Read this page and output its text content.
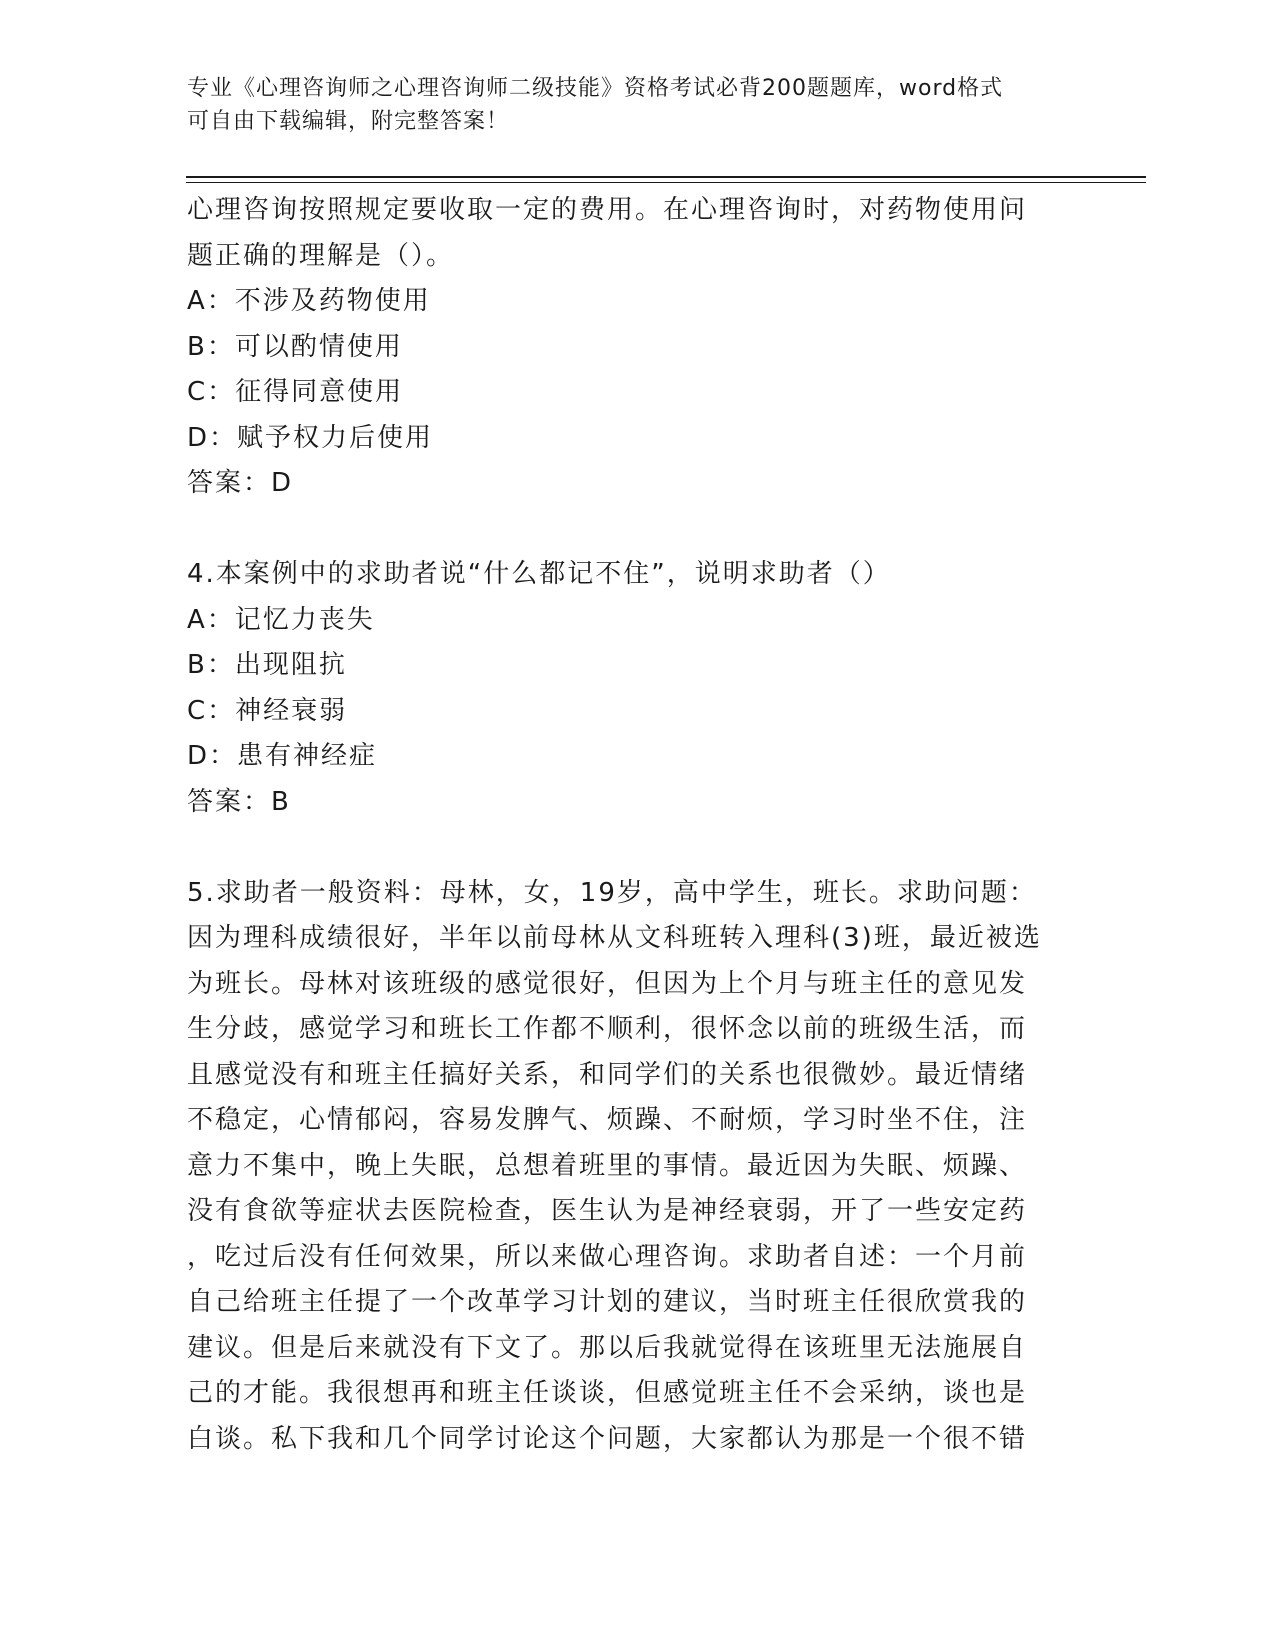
专业《心理咨询师之心理咨询师二级技能》资格考试必背200题题库，word格式
可自由下载编辑，附完整答案！
心理咨询按照规定要收取一定的费用。在心理咨询时，对药物使用问
题正确的理解是（）。
A：不涉及药物使用
B：可以酌情使用
C：征得同意使用
D：赋予权力后使用
答案：D
4.本案例中的求助者说“什么都记不住”，说明求助者（）
A：记忆力丧失
B：出现阻抗
C：神经衰弱
D：患有神经症
答案：B
5.求助者一般资料：母林，女，19岁，高中学生，班长。求助问题：
因为理科成绩很好，半年以前母林从文科班转入理科(3)班，最近被选
为班长。母林对该班级的感觉很好，但因为上个月与班主任的意见发
生分歧，感觉学习和班长工作都不顺利，很怀念以前的班级生活，而
且感觉没有和班主任搞好关系，和同学们的关系也很微妙。最近情绪
不稳定，心情郁闷，容易发脾气、烦躁、不耐烦，学习时坐不住，注
意力不集中，晚上失眠，总想着班里的事情。最近因为失眠、烦躁、
没有食欲等症状去医院检查，医生认为是神经衰弱，开了一些安定药
，吃过后没有任何效果，所以来做心理咨询。求助者自述：一个月前
自己给班主任提了一个改革学习计划的建议，当时班主任很欣赏我的
建议。但是后来就没有下文了。那以后我就觉得在该班里无法施展自
己的才能。我很想再和班主任谈谈，但感觉班主任不会采纳，谈也是
白谈。私下我和几个同学讨论这个问题，大家都认为那是一个很不错
